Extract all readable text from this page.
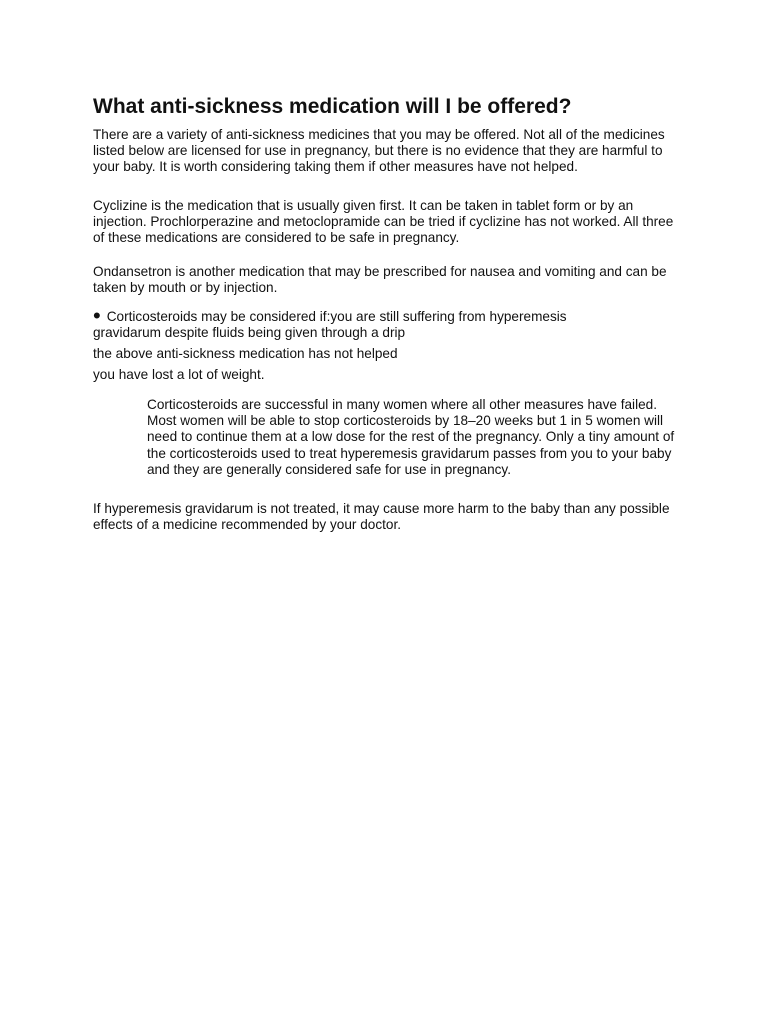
What anti-sickness medication will I be offered?

There are a variety of anti-sickness medicines that you may be offered. Not all of the medicines listed below are licensed for use in pregnancy, but there is no evidence that they are harmful to your baby. It is worth considering taking them if other measures have not helped.

Cyclizine is the medication that is usually given first. It can be taken in tablet form or by an injection. Prochlorperazine and metoclopramide can be tried if cyclizine has not worked. All three of these medications are considered to be safe in pregnancy.

Ondansetron is another medication that may be prescribed for nausea and vomiting and can be taken by mouth or by injection.

• Corticosteroids may be considered if:you are still suffering from hyperemesis

gravidarum despite fluids being given through a drip

the above anti-sickness medication has not helped

you have lost a lot of weight.

Corticosteroids are successful in many women where all other measures have failed. Most women will be able to stop corticosteroids by 18–20 weeks but 1 in 5 women will need to continue them at a low dose for the rest of the pregnancy. Only a tiny amount of the corticosteroids used to treat hyperemesis gravidarum passes from you to your baby and they are generally considered safe for use in pregnancy.

If hyperemesis gravidarum is not treated, it may cause more harm to the baby than any possible effects of a medicine recommended by your doctor.
